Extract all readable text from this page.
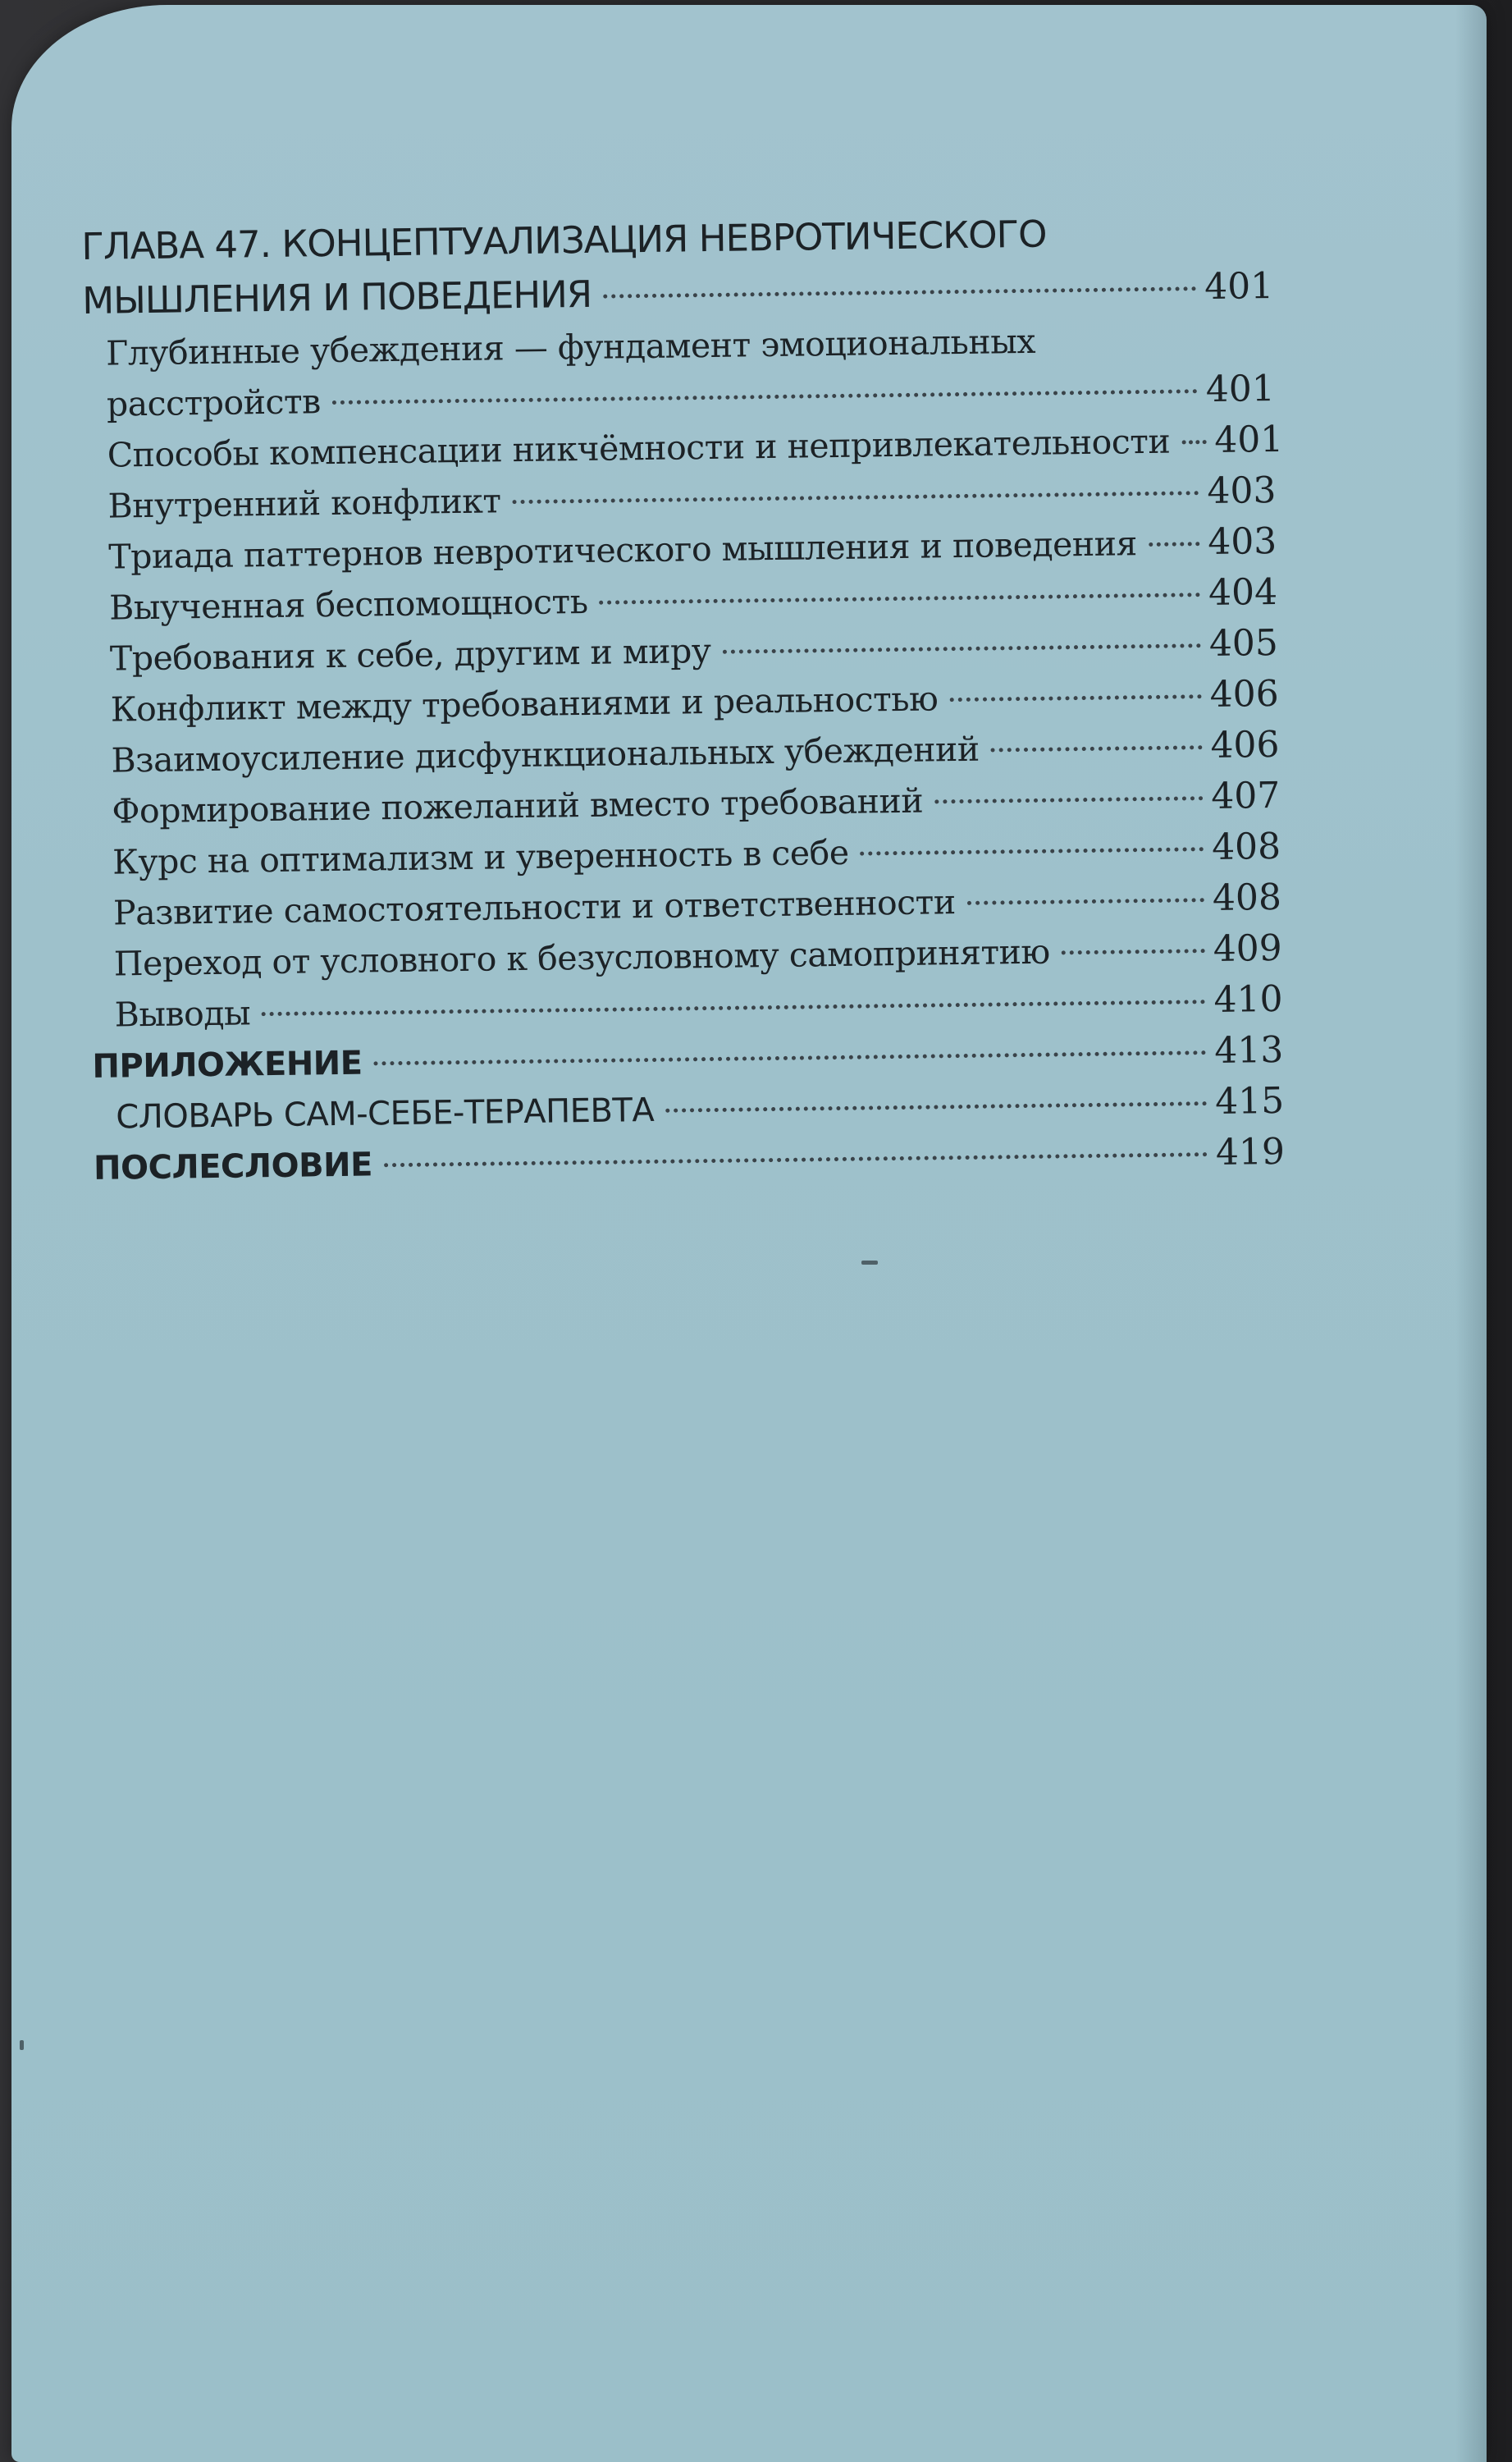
ГЛАВА 47. КОНЦЕПТУАЛИЗАЦИЯ НЕВРОТИЧЕСКОГО
МЫШЛЕНИЯ И ПОВЕДЕНИЯ	401
Глубинные убеждения — фундамент эмоциональных
расстройств	401
Способы компенсации никчёмности и непривлекательности 401
Внутренний конфликт	403
Триада паттернов невротического мышления и поведения 403
Выученная беспомощность	404
Требования к себе, другим и миру	405
Конфликт между требованиями и реальностью	406
Взаимоусиление дисфункциональных убеждений	406
Формирование пожеланий вместо требований	407
Курс на оптимализм и уверенность в себе	408
Развитие самостоятельности и ответственности	408
Переход от условного к безусловному самопринятию	409
Выводы	410
ПРИЛОЖЕНИЕ	413
СЛОВАРЬ САМ-СЕБЕ-ТЕРАПЕВТА	415
ПОСЛЕСЛОВИЕ	419
